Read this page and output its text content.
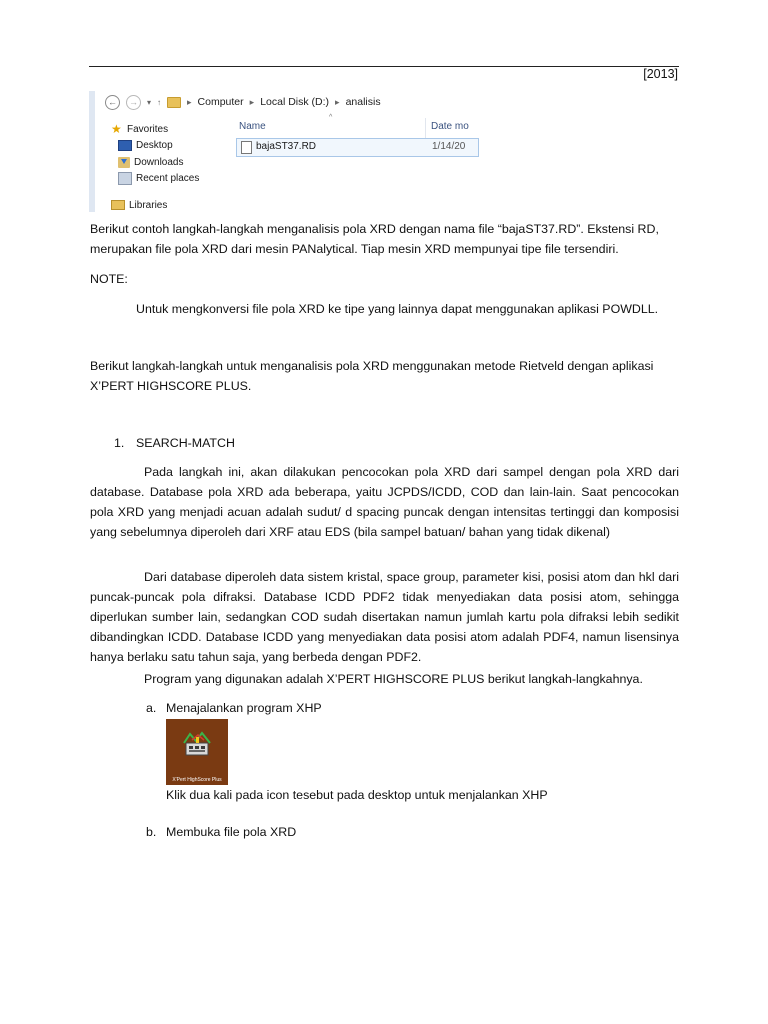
[2013]
←	→	▾ ↑	▸ Computer ▸ Local Disk (D:) ▸ analisis
★ Favorites
Desktop
Downloads
Recent places
Libraries
^
Name	Date mo
bajaST37.RD	1/14/20
Berikut contoh langkah-langkah menganalisis pola XRD dengan nama file “bajaST37.RD”. Ekstensi RD,
merupakan file pola XRD dari mesin PANalytical. Tiap mesin XRD mempunyai tipe file tersendiri.
NOTE:
Untuk mengkonversi file pola XRD ke tipe yang lainnya dapat menggunakan aplikasi POWDLL.
Berikut langkah-langkah untuk menganalisis pola XRD menggunakan metode Rietveld dengan aplikasi
X’PERT HIGHSCORE PLUS.
1. SEARCH-MATCH
Pada langkah ini, akan dilakukan pencocokan pola XRD dari sampel dengan pola XRD dari database. Database pola XRD ada beberapa, yaitu JCPDS/ICDD, COD dan lain-lain. Saat pencocokan pola XRD yang menjadi acuan adalah sudut/ d spacing puncak dengan intensitas tertinggi dan komposisi yang sebelumnya diperoleh dari XRF atau EDS (bila sampel batuan/ bahan yang tidak dikenal)
Dari database diperoleh data sistem kristal, space group, parameter kisi, posisi atom dan hkl dari puncak-puncak pola difraksi. Database ICDD PDF2 tidak menyediakan data posisi atom, sehingga diperlukan sumber lain, sedangkan COD sudah disertakan namun jumlah kartu pola difraksi lebih sedikit dibandingkan ICDD. Database ICDD yang menyediakan data posisi atom adalah PDF4, namun lisensinya hanya berlaku satu tahun saja, yang berbeda dengan PDF2.
Program yang digunakan adalah X’PERT HIGHSCORE PLUS berikut langkah-langkahnya.
a. Menajalankan program XHP
X'Pert HighScore Plus
Klik dua kali pada icon tesebut pada desktop untuk menjalankan XHP
b. Membuka file pola XRD
